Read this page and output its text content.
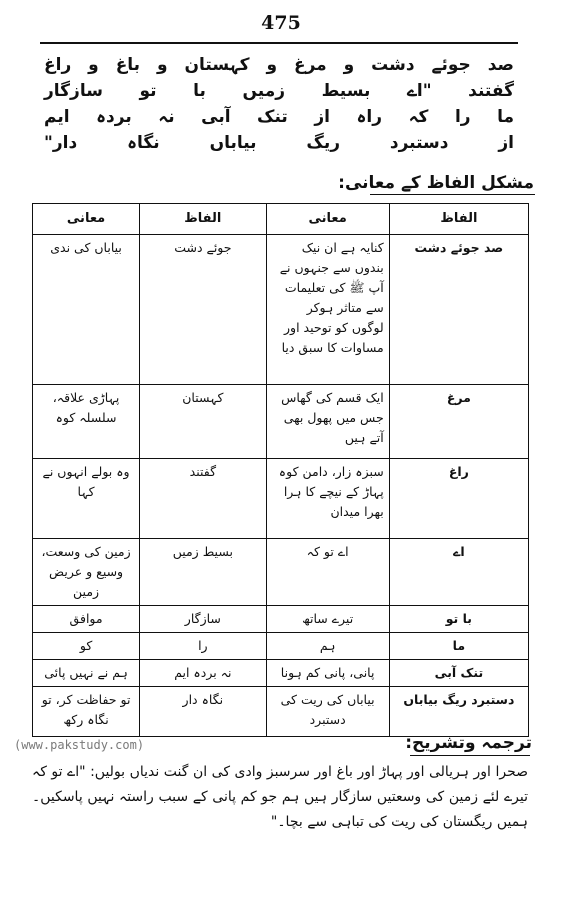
475
صد جوئے دشت و مرغ و کہستان و باغ و راغ
گفتند "اے بسیط زمیں با تو سازگار
ما را کہ راہ از تنک آبی نہ بردہ ایم
از دستبرد ریگ بیاباں نگاہ دار"
مشکل الفاظ کے معانی:
الفاظ	معانی	الفاظ	معانی
صد جوئے دشت	کنایہ ہے ان نیک بندوں سے جنہوں نے آپ ﷺ کی تعلیمات سے متاثر ہوکر لوگوں کو توحید اور مساوات کا سبق دیا	جوئے دشت	بیاباں کی ندی
مرغ	ایک قسم کی گھاس جس میں پھول بھی آتے ہیں	کہستان	پہاڑی علاقہ، سلسلہ کوہ
راغ	سبزہ زار، دامن کوہ پہاڑ کے نیچے کا ہرا بھرا میدان	گفتند	وہ بولے انہوں نے کہا
اے	اے تو کہ	بسیط زمیں	زمین کی وسعت، وسیع و عریض زمین
با تو	تیرے ساتھ	سازگار	موافق
ما	ہم	را	کو
تنک آبی	پانی، پانی کم ہونا	نہ بردہ ایم	ہم نے نہیں پائی
دستبرد ریگ بیاباں	بیاباں کی ریت کی دستبرد	نگاہ دار	تو حفاظت کر، تو نگاہ رکھ
ترجمہ وتشریح:
(www.pakstudy.com)
صحرا اور ہریالی اور پہاڑ اور باغ اور سرسبز وادی کی ان گنت ندیاں بولیں: "اے تو کہ تیرے لئے زمین کی وسعتیں سازگار ہیں ہم جو کم پانی کے سبب راستہ نہیں پاسکیں۔ ہمیں ریگستان کی ریت کی تباہی سے بچا۔"
